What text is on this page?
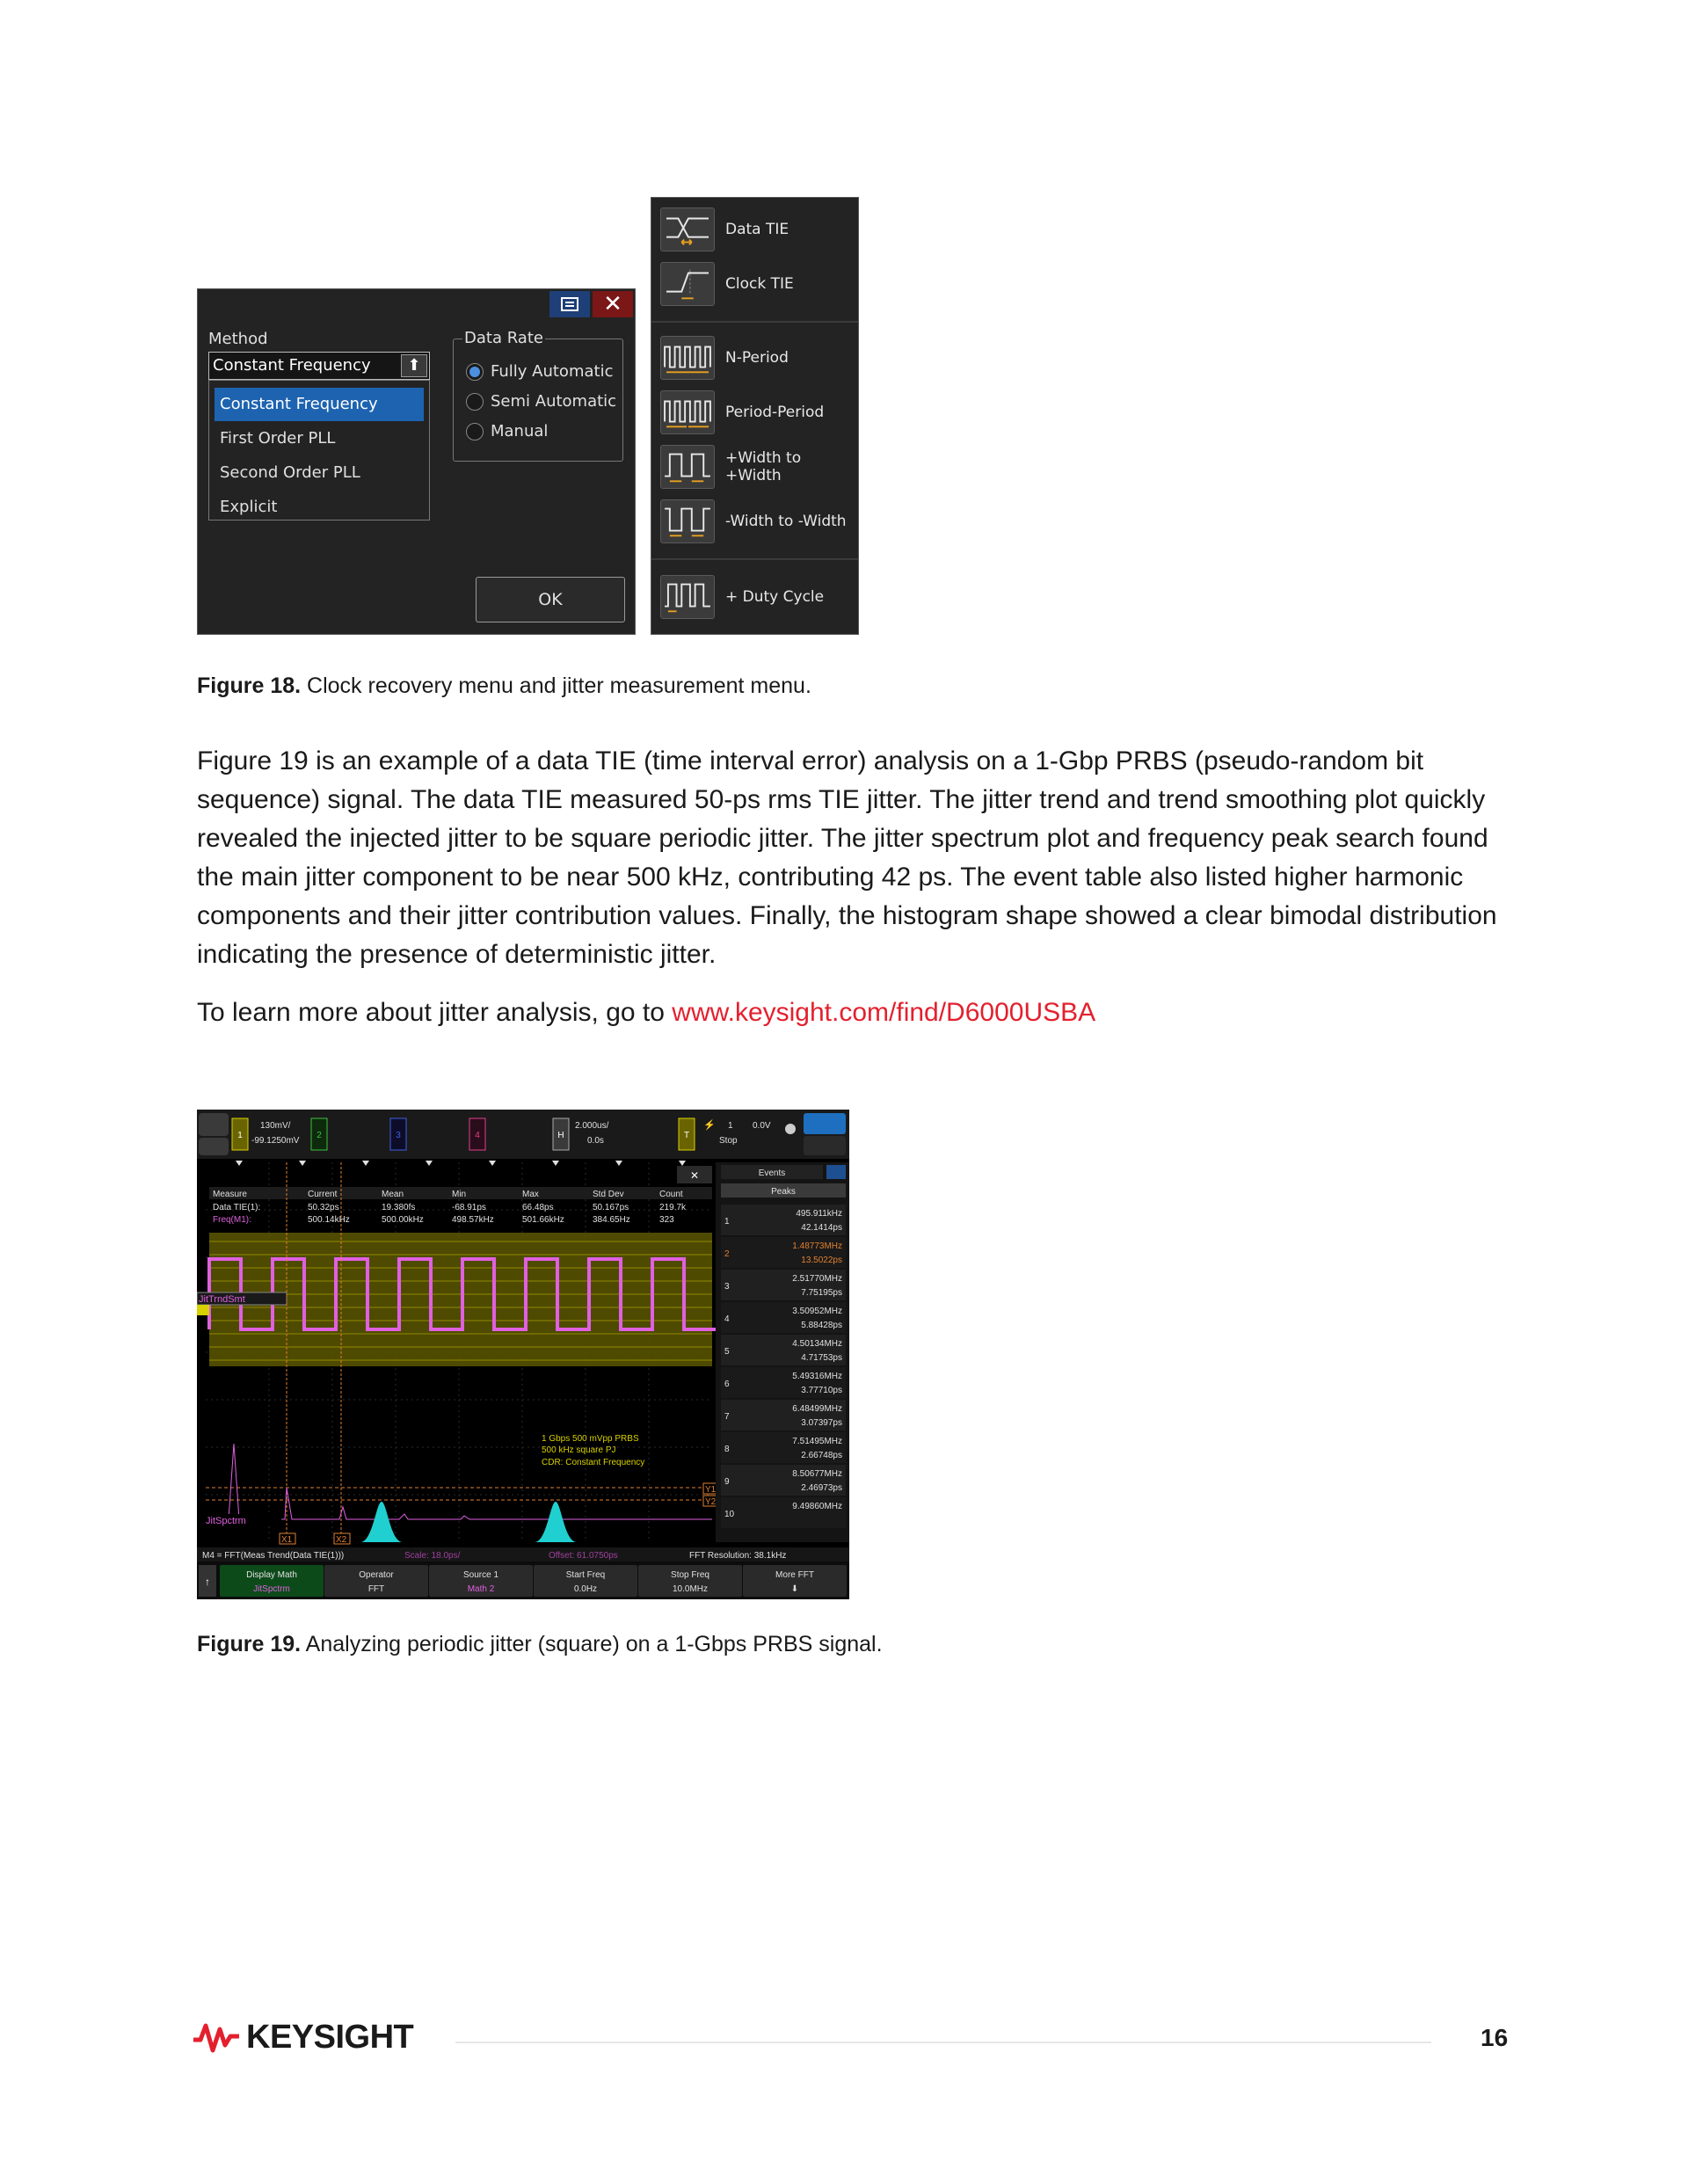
✕
Method
Constant Frequency	⬆
Constant Frequency
First Order PLL
Second Order PLL
Explicit
Data Rate
Fully Automatic
Semi Automatic
Manual
OK
Data TIE
Clock TIE
N-Period
Period-Period
+Width to +Width
-Width to -Width
+ Duty Cycle
Figure 18. Clock recovery menu and jitter measurement menu.

Figure 19 is an example of a data TIE (time interval error) analysis on a 1-Gbp PRBS (pseudo-random bit sequence) signal. The data TIE measured 50-ps rms TIE jitter. The jitter trend and trend smoothing plot quickly revealed the injected jitter to be square periodic jitter. The jitter spectrum plot and frequency peak search found the main jitter component to be near 500 kHz, contributing 42 ps. The event table also listed higher harmonic components and their jitter contribution values. Finally, the histogram shape showed a clear bimodal distribution indicating the presence of deterministic jitter.

To learn more about jitter analysis, go to www.keysight.com/find/D6000USBA

1
130mV/
-99.1250mV
2	3	4	H
2.000us/
0.0s
T
⚡ 1
Stop
0.0V
✕
Measure	Current	Mean	Min	Max	Std Dev	Count
Data TIE(1):	50.32ps	19.380fs	-68.91ps	66.48ps	50.167ps	219.7k
Freq(M1):	500.14kHz	500.00kHz	498.57kHz	501.66kHz	384.65Hz	323
JitTrndSmt
1 Gbps 500 mVpp PRBS
500 kHz square PJ
CDR: Constant Frequency
JitSpctrm
X1	X2
Y1
Y2
Events
Peaks
1
495.911kHz
42.1414ps
2
1.48773MHz
13.5022ps
3
2.51770MHz
7.75195ps
4
3.50952MHz
5.88428ps
5
4.50134MHz
4.71753ps
6
5.49316MHz
3.77710ps
7
6.48499MHz
3.07397ps
8
7.51495MHz
2.66748ps
9
8.50677MHz
2.46973ps
10
9.49860MHz
M4 = FFT(Meas Trend(Data TIE(1)))	Scale: 18.0ps/	Offset: 61.0750ps	FFT Resolution: 38.1kHz
↑
Display Math
JitSpctrm
Operator
FFT
Source 1
Math 2
Start Freq
0.0Hz
Stop Freq
10.0MHz
More FFT
⬇
Figure 19. Analyzing periodic jitter (square) on a 1-Gbps PRBS signal.
KEYSIGHT	16
